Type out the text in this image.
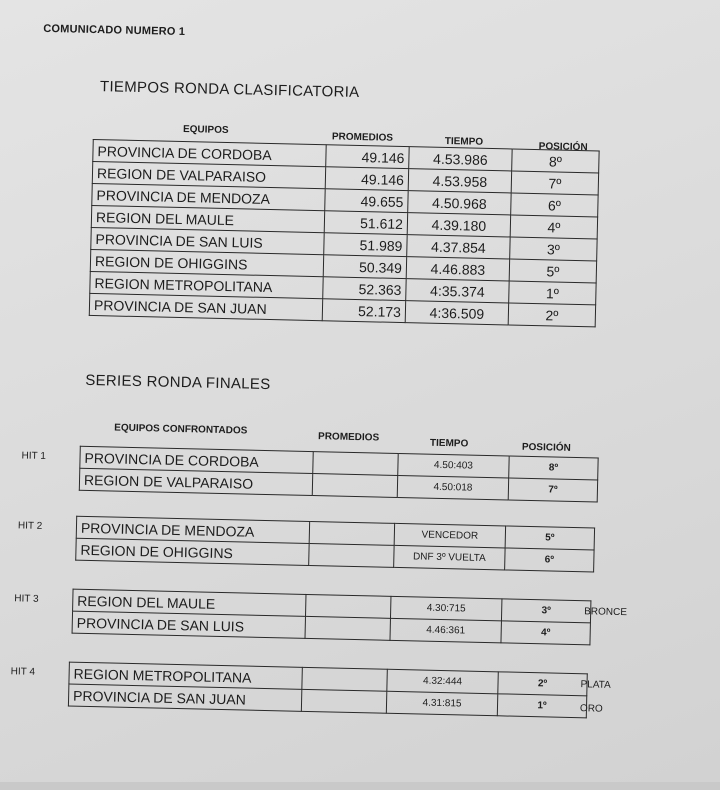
COMUNICADO NUMERO 1
TIEMPOS RONDA CLASIFICATORIA
EQUIPOS
PROMEDIOS	TIEMPO	POSICIÓN
PROVINCIA DE CORDOBA	49.146	4.53.986	8º
REGION DE VALPARAISO	49.146	4.53.958	7º
PROVINCIA DE MENDOZA	49.655	4.50.968	6º
REGION DEL MAULE	51.612	4.39.180	4º
PROVINCIA DE SAN LUIS	51.989	4.37.854	3º
REGION DE OHIGGINS	50.349	4.46.883	5º
REGION METROPOLITANA	52.363	4:35.374	1º
PROVINCIA DE SAN JUAN	52.173	4:36.509	2º
SERIES RONDA FINALES
EQUIPOS CONFRONTADOS
PROMEDIOS
TIEMPO	POSICIÓN
HIT 1	PROVINCIA DE CORDOBA		4.50:403	8º
REGION DE VALPARAISO		4.50:018	7º
HIT 2	PROVINCIA DE MENDOZA		VENCEDOR	5º
REGION DE OHIGGINS		DNF 3º VUELTA	6º
HIT 3
BRONCE
REGION DEL MAULE		4.30:715	3º
PROVINCIA DE SAN LUIS		4.46:361	4º
HIT 4
PLATA
ORO
REGION METROPOLITANA		4.32:444	2º
PROVINCIA DE SAN JUAN		4.31:815	1º
